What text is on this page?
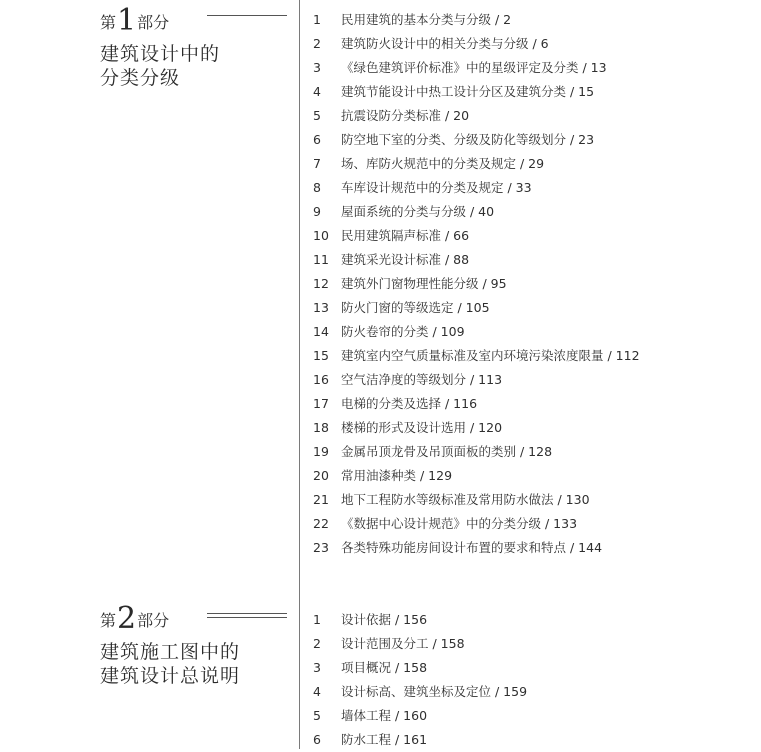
第1部分
建筑设计中的
分类分级
1 民用建筑的基本分类与分级 / 2
2 建筑防火设计中的相关分类与分级 / 6
3 《绿色建筑评价标准》中的星级评定及分类 / 13
4 建筑节能设计中热工设计分区及建筑分类 / 15
5 抗震设防分类标准 / 20
6 防空地下室的分类、分级及防化等级划分 / 23
7 场、库防火规范中的分类及规定 / 29
8 车库设计规范中的分类及规定 / 33
9 屋面系统的分类与分级 / 40
10 民用建筑隔声标准 / 66
11 建筑采光设计标准 / 88
12 建筑外门窗物理性能分级 / 95
13 防火门窗的等级选定 / 105
14 防火卷帘的分类 / 109
15 建筑室内空气质量标准及室内环境污染浓度限量 / 112
16 空气洁净度的等级划分 / 113
17 电梯的分类及选择 / 116
18 楼梯的形式及设计选用 / 120
19 金属吊顶龙骨及吊顶面板的类别 / 128
20 常用油漆种类 / 129
21 地下工程防水等级标准及常用防水做法 / 130
22 《数据中心设计规范》中的分类分级 / 133
23 各类特殊功能房间设计布置的要求和特点 / 144
第2部分
建筑施工图中的
建筑设计总说明
1 设计依据 / 156
2 设计范围及分工 / 158
3 项目概况 / 158
4 设计标高、建筑坐标及定位 / 159
5 墙体工程 / 160
6 防水工程 / 161
